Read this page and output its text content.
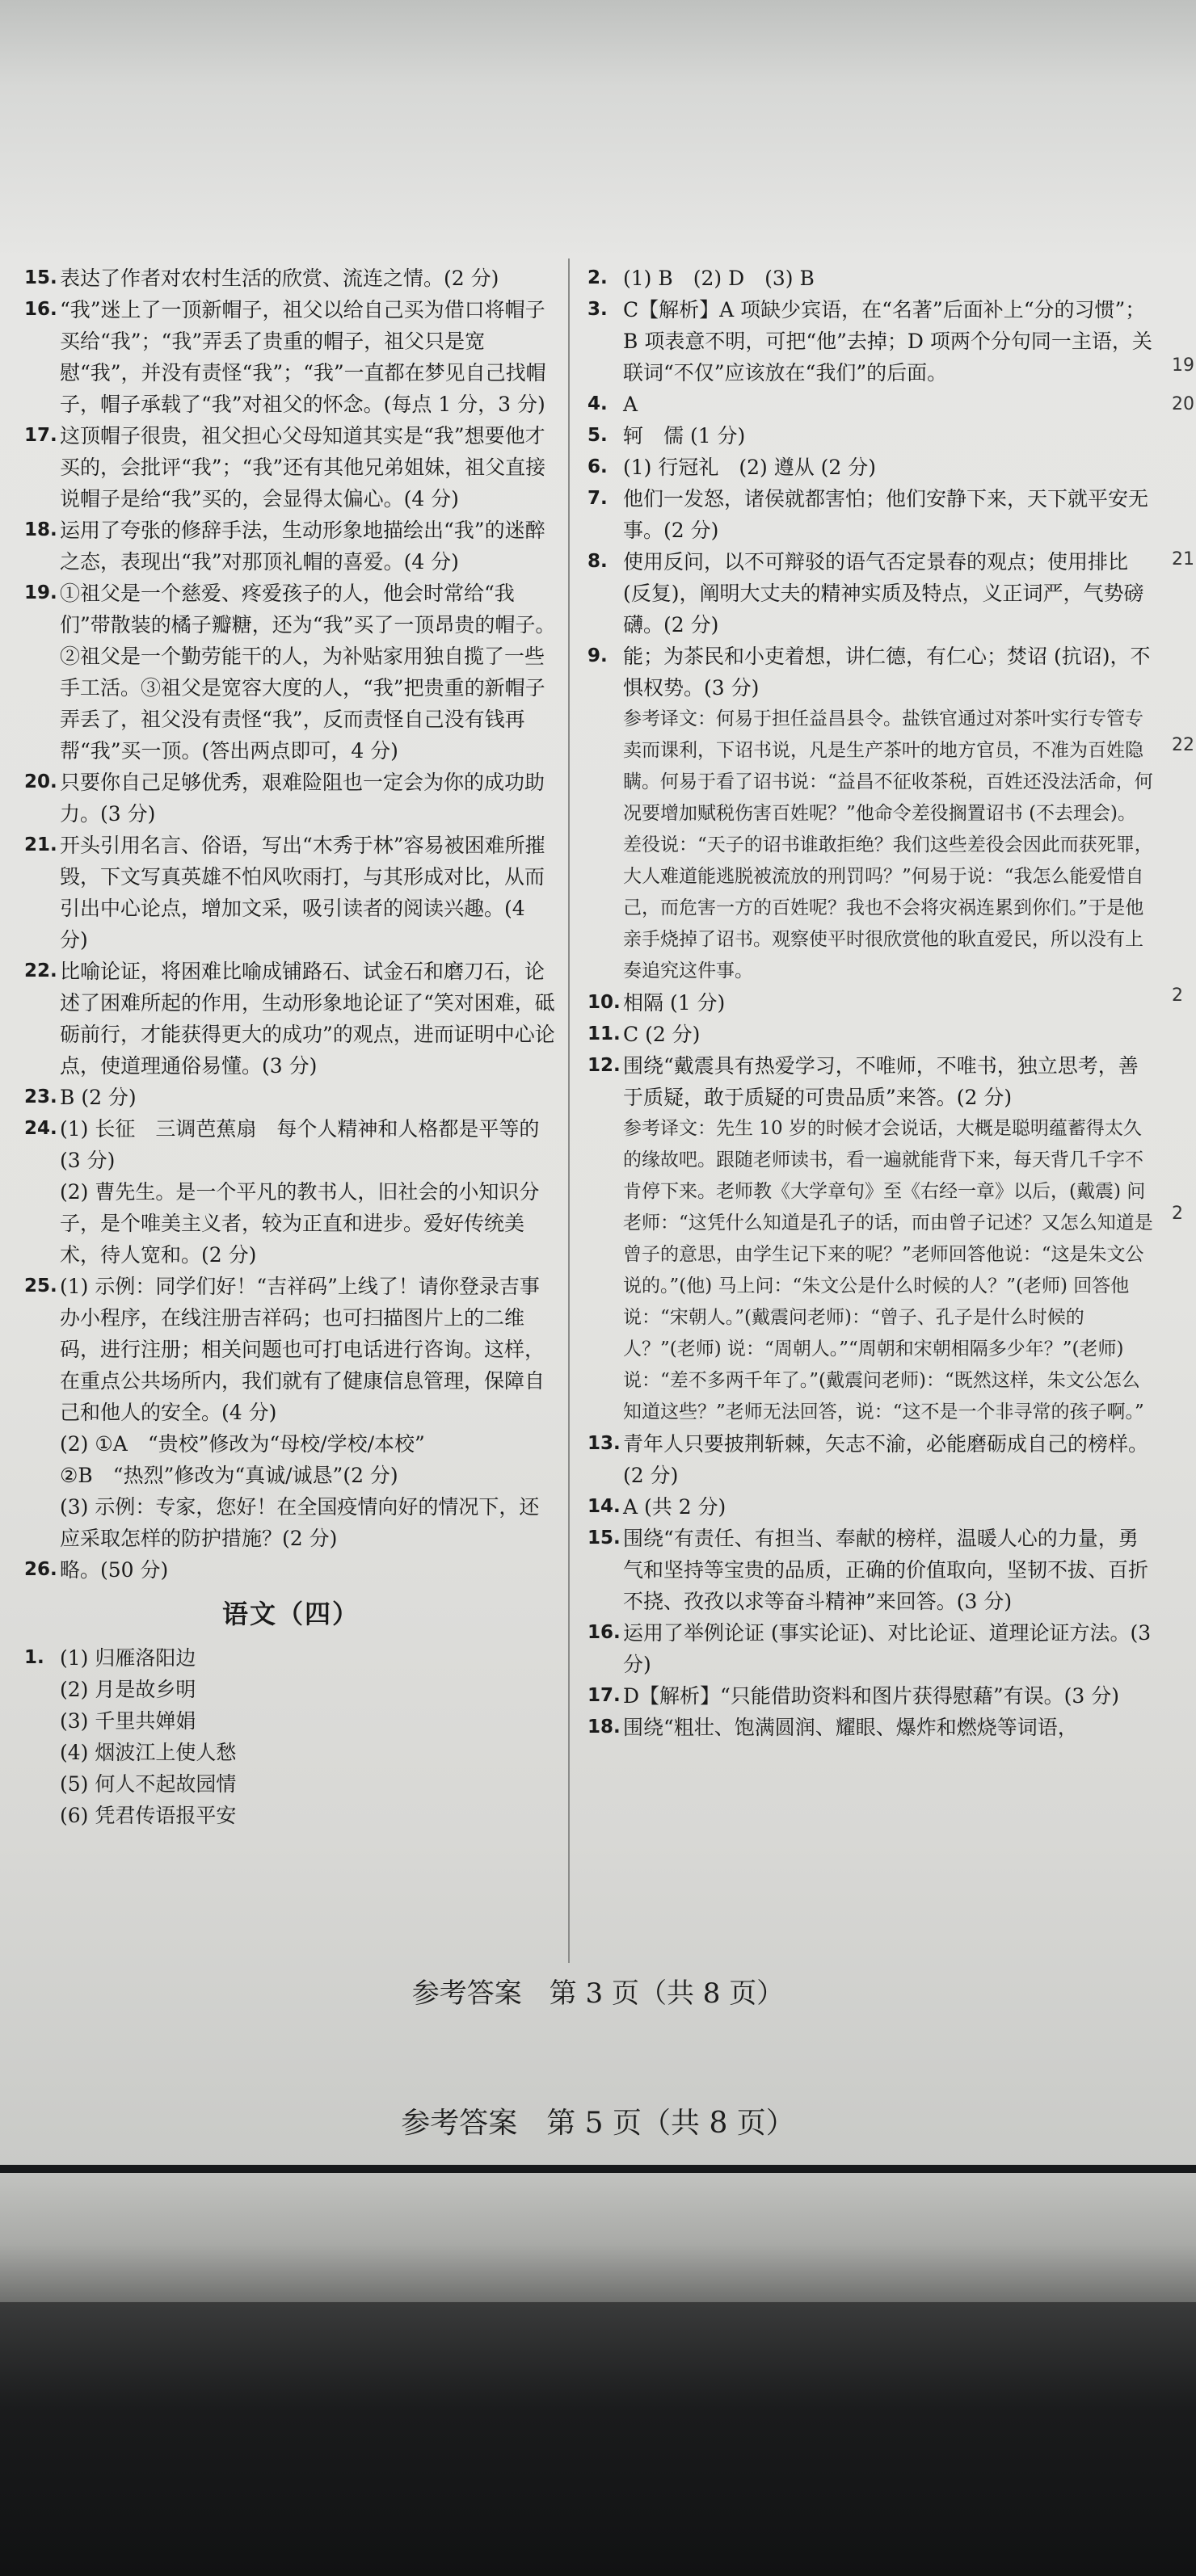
15. 表达了作者对农村生活的欣赏、流连之情。(2 分)
16. “我”迷上了一顶新帽子，祖父以给自己买为借口将帽子买给“我”；“我”弄丢了贵重的帽子，祖父只是宽慰“我”，并没有责怪“我”；“我”一直都在梦见自己找帽子，帽子承载了“我”对祖父的怀念。(每点 1 分，3 分)
17. 这顶帽子很贵，祖父担心父母知道其实是“我”想要他才买的，会批评“我”；“我”还有其他兄弟姐妹，祖父直接说帽子是给“我”买的，会显得太偏心。(4 分)
18. 运用了夸张的修辞手法，生动形象地描绘出“我”的迷醉之态，表现出“我”对那顶礼帽的喜爱。(4 分)
19. ①祖父是一个慈爱、疼爱孩子的人，他会时常给“我们”带散装的橘子瓣糖，还为“我”买了一顶昂贵的帽子。②祖父是一个勤劳能干的人，为补贴家用独自揽了一些手工活。③祖父是宽容大度的人，“我”把贵重的新帽子弄丢了，祖父没有责怪“我”，反而责怪自己没有钱再帮“我”买一顶。(答出两点即可，4 分)
20. 只要你自己足够优秀，艰难险阻也一定会为你的成功助力。(3 分)
21. 开头引用名言、俗语，写出“木秀于林”容易被困难所摧毁，下文写真英雄不怕风吹雨打，与其形成对比，从而引出中心论点，增加文采，吸引读者的阅读兴趣。(4 分)
22. 比喻论证，将困难比喻成铺路石、试金石和磨刀石，论述了困难所起的作用，生动形象地论证了“笑对困难，砥砺前行，才能获得更大的成功”的观点，进而证明中心论点，使道理通俗易懂。(3 分)
23. B (2 分)
24. (1) 长征　三调芭蕉扇　每个人精神和人格都是平等的 (3 分)
(2) 曹先生。是一个平凡的教书人，旧社会的小知识分子，是个唯美主义者，较为正直和进步。爱好传统美术，待人宽和。(2 分)
25. (1) 示例：同学们好！“吉祥码”上线了！请你登录吉事办小程序，在线注册吉祥码；也可扫描图片上的二维码，进行注册；相关问题也可打电话进行咨询。这样，在重点公共场所内，我们就有了健康信息管理，保障自己和他人的安全。(4 分)
(2) ①A　“贵校”修改为“母校/学校/本校”
②B　“热烈”修改为“真诚/诚恳”(2 分)
(3) 示例：专家，您好！在全国疫情向好的情况下，还应采取怎样的防护措施？(2 分)
26. 略。(50 分)
语文（四）
1. (1) 归雁洛阳边
(2) 月是故乡明
(3) 千里共婵娟
(4) 烟波江上使人愁
(5) 何人不起故园情
(6) 凭君传语报平安
2. (1) B　(2) D　(3) B
3. C【解析】A 项缺少宾语，在“名著”后面补上“分的习惯”；B 项表意不明，可把“他”去掉；D 项两个分句同一主语，关联词“不仅”应该放在“我们”的后面。
4. A
5. 轲　儒 (1 分)
6. (1) 行冠礼　(2) 遵从 (2 分)
7. 他们一发怒，诸侯就都害怕；他们安静下来，天下就平安无事。(2 分)
8. 使用反问，以不可辩驳的语气否定景春的观点；使用排比 (反复)，阐明大丈夫的精神实质及特点，义正词严，气势磅礴。(2 分)
9. 能；为茶民和小吏着想，讲仁德，有仁心；焚诏 (抗诏)，不惧权势。(3 分)
参考译文：何易于担任益昌县令。盐铁官通过对茶叶实行专管专卖而课利，下诏书说，凡是生产茶叶的地方官员，不准为百姓隐瞒。何易于看了诏书说：“益昌不征收茶税，百姓还没法活命，何况要增加赋税伤害百姓呢？”他命令差役搁置诏书 (不去理会)。差役说：“天子的诏书谁敢拒绝？我们这些差役会因此而获死罪，大人难道能逃脱被流放的刑罚吗？”何易于说：“我怎么能爱惜自己，而危害一方的百姓呢？我也不会将灾祸连累到你们。”于是他亲手烧掉了诏书。观察使平时很欣赏他的耿直爱民，所以没有上奏追究这件事。
10. 相隔 (1 分)
11. C (2 分)
12. 围绕“戴震具有热爱学习，不唯师，不唯书，独立思考，善于质疑，敢于质疑的可贵品质”来答。(2 分)
参考译文：先生 10 岁的时候才会说话，大概是聪明蕴蓄得太久的缘故吧。跟随老师读书，看一遍就能背下来，每天背几千字不肯停下来。老师教《大学章句》至《右经一章》以后，(戴震) 问老师：“这凭什么知道是孔子的话，而由曾子记述？又怎么知道是曾子的意思，由学生记下来的呢？”老师回答他说：“这是朱文公说的。”(他) 马上问：“朱文公是什么时候的人？”(老师) 回答他说：“宋朝人。”(戴震问老师)：“曾子、孔子是什么时候的人？”(老师) 说：“周朝人。”“周朝和宋朝相隔多少年？”(老师) 说：“差不多两千年了。”(戴震问老师)：“既然这样，朱文公怎么知道这些？”老师无法回答，说：“这不是一个非寻常的孩子啊。”
13. 青年人只要披荆斩棘，矢志不渝，必能磨砺成自己的榜样。(2 分)
14. A (共 2 分)
15. 围绕“有责任、有担当、奉献的榜样，温暖人心的力量，勇气和坚持等宝贵的品质，正确的价值取向，坚韧不拔、百折不挠、孜孜以求等奋斗精神”来回答。(3 分)
16. 运用了举例论证 (事实论证)、对比论证、道理论证方法。(3 分)
17. D【解析】“只能借助资料和图片获得慰藉”有误。(3 分)
18. 围绕“粗壮、饱满圆润、耀眼、爆炸和燃烧等词语，
19
20
21
22
2
2
参考答案　第 3 页（共 8 页）
参考答案　第 5 页（共 8 页）
